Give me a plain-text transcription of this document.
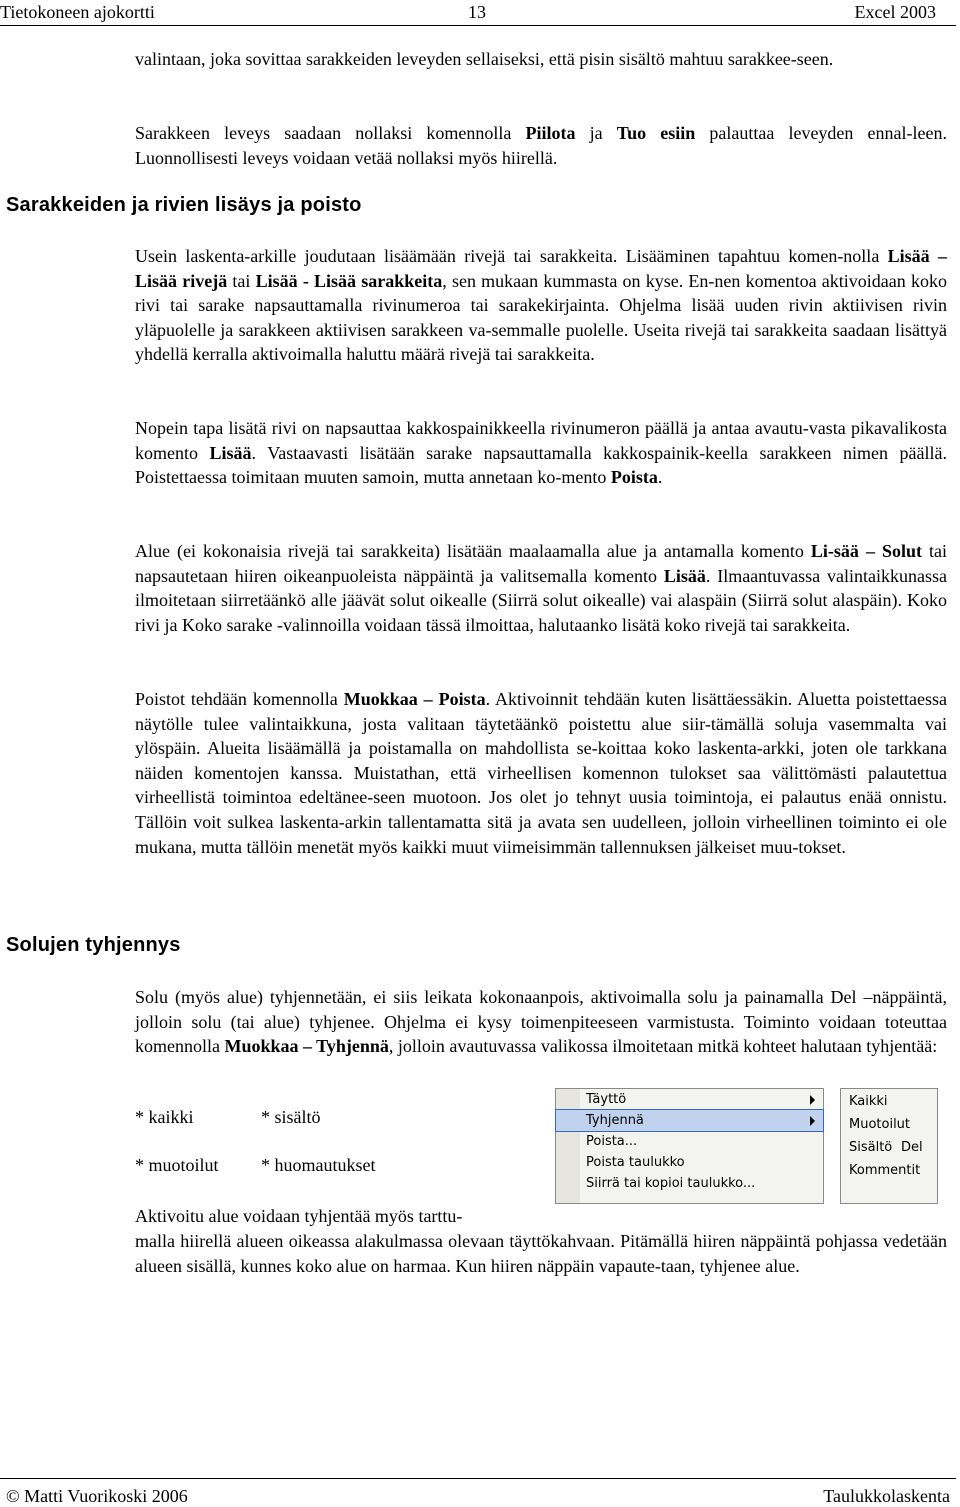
Tietokoneen ajokortti	13	Excel 2003

valintaan, joka sovittaa sarakkeiden leveyden sellaiseksi, että pisin sisältö mahtuu sarakkee-seen.

Sarakkeen leveys saadaan nollaksi komennolla Piilota ja Tuo esiin palauttaa leveyden ennal-leen. Luonnollisesti leveys voidaan vetää nollaksi myös hiirellä.

Sarakkeiden ja rivien lisäys ja poisto

Usein laskenta-arkille joudutaan lisäämään rivejä tai sarakkeita. Lisääminen tapahtuu komen-nolla Lisää – Lisää rivejä tai Lisää - Lisää sarakkeita, sen mukaan kummasta on kyse. En-nen komentoa aktivoidaan koko rivi tai sarake napsauttamalla rivinumeroa tai sarakekirjainta. Ohjelma lisää uuden rivin aktiivisen rivin yläpuolelle ja sarakkeen aktiivisen sarakkeen va-semmalle puolelle. Useita rivejä tai sarakkeita saadaan lisättyä yhdellä kerralla aktivoimalla haluttu määrä rivejä tai sarakkeita.

Nopein tapa lisätä rivi on napsauttaa kakkospainikkeella rivinumeron päällä ja antaa avautu-vasta pikavalikosta komento Lisää. Vastaavasti lisätään sarake napsauttamalla kakkospainik-keella sarakkeen nimen päällä. Poistettaessa toimitaan muuten samoin, mutta annetaan ko-mento Poista.

Alue (ei kokonaisia rivejä tai sarakkeita) lisätään maalaamalla alue ja antamalla komento Li-sää – Solut tai napsautetaan hiiren oikeanpuoleista näppäintä ja valitsemalla komento Lisää. Ilmaantuvassa valintaikkunassa ilmoitetaan siirretäänkö alle jäävät solut oikealle (Siirrä solut oikealle) vai alaspäin (Siirrä solut alaspäin). Koko rivi ja Koko sarake -valinnoilla voidaan tässä ilmoittaa, halutaanko lisätä koko rivejä tai sarakkeita.

Poistot tehdään komennolla Muokkaa – Poista. Aktivoinnit tehdään kuten lisättäessäkin. Aluetta poistettaessa näytölle tulee valintaikkuna, josta valitaan täytetäänkö poistettu alue siir-tämällä soluja vasemmalta vai ylöspäin. Alueita lisäämällä ja poistamalla on mahdollista se-koittaa koko laskenta-arkki, joten ole tarkkana näiden komentojen kanssa. Muistathan, että virheellisen komennon tulokset saa välittömästi palautettua virheellistä toimintoa edeltänee-seen muotoon. Jos olet jo tehnyt uusia toimintoja, ei palautus enää onnistu. Tällöin voit sulkea laskenta-arkin tallentamatta sitä ja avata sen uudelleen, jolloin virheellinen toiminto ei ole mukana, mutta tällöin menetät myös kaikki muut viimeisimmän tallennuksen jälkeiset muu-tokset.

Solujen tyhjennys

Solu (myös alue) tyhjennetään, ei siis leikata kokonaanpois, aktivoimalla solu ja painamalla Del –näppäintä, jolloin solu (tai alue) tyhjenee. Ohjelma ei kysy toimenpiteeseen varmistusta. Toiminto voidaan toteuttaa komennolla Muokkaa – Tyhjennä, jolloin avautuvassa valikossa ilmoitetaan mitkä kohteet halutaan tyhjentää:

* kaikki	* sisältö
* muotoilut * huomautukset
Täyttö
Tyhjennä
Poista...
Poista taulukko
Siirrä tai kopioi taulukko...
Kaikki
Muotoilut
Sisältö Del
Kommentit

Aktivoitu alue voidaan tyhjentää myös tarttu-

malla hiirellä alueen oikeassa alakulmassa olevaan täyttökahvaan. Pitämällä hiiren näppäintä pohjassa vedetään alueen sisällä, kunnes koko alue on harmaa. Kun hiiren näppäin vapaute-taan, tyhjenee alue.

© Matti Vuorikoski 2006	Taulukkolaskenta
